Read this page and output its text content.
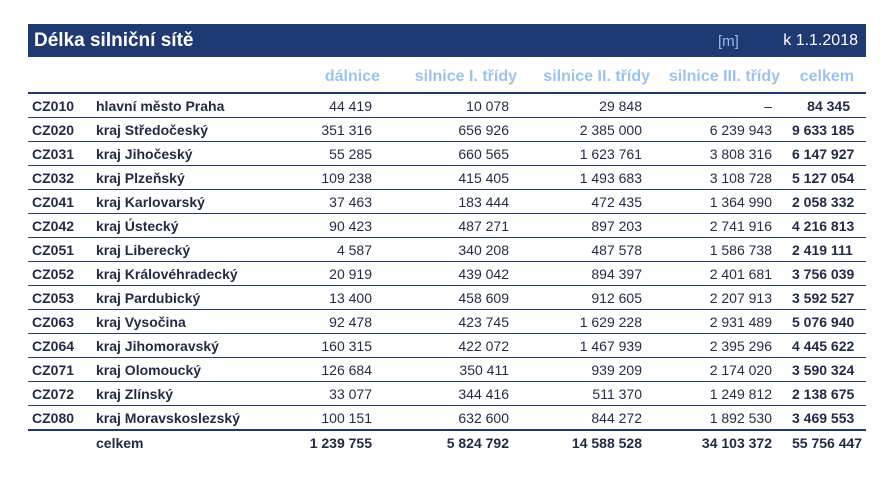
Délka silniční sítě	[m]	k 1.1.2018
		dálnice	silnice I. třídy	silnice II. třídy	silnice III. třídy	celkem
CZ010	hlavní město Praha	44 419	10 078	29 848	–	84 345
CZ020	kraj Středočeský	351 316	656 926	2 385 000	6 239 943	9 633 185
CZ031	kraj Jihočeský	55 285	660 565	1 623 761	3 808 316	6 147 927
CZ032	kraj Plzeňský	109 238	415 405	1 493 683	3 108 728	5 127 054
CZ041	kraj Karlovarský	37 463	183 444	472 435	1 364 990	2 058 332
CZ042	kraj Ústecký	90 423	487 271	897 203	2 741 916	4 216 813
CZ051	kraj Liberecký	4 587	340 208	487 578	1 586 738	2 419 111
CZ052	kraj Královéhradecký	20 919	439 042	894 397	2 401 681	3 756 039
CZ053	kraj Pardubický	13 400	458 609	912 605	2 207 913	3 592 527
CZ063	kraj Vysočina	92 478	423 745	1 629 228	2 931 489	5 076 940
CZ064	kraj Jihomoravský	160 315	422 072	1 467 939	2 395 296	4 445 622
CZ071	kraj Olomoucký	126 684	350 411	939 209	2 174 020	3 590 324
CZ072	kraj Zlínský	33 077	344 416	511 370	1 249 812	2 138 675
CZ080	kraj Moravskoslezský	100 151	632 600	844 272	1 892 530	3 469 553
	celkem	1 239 755	5 824 792	14 588 528	34 103 372	55 756 447
